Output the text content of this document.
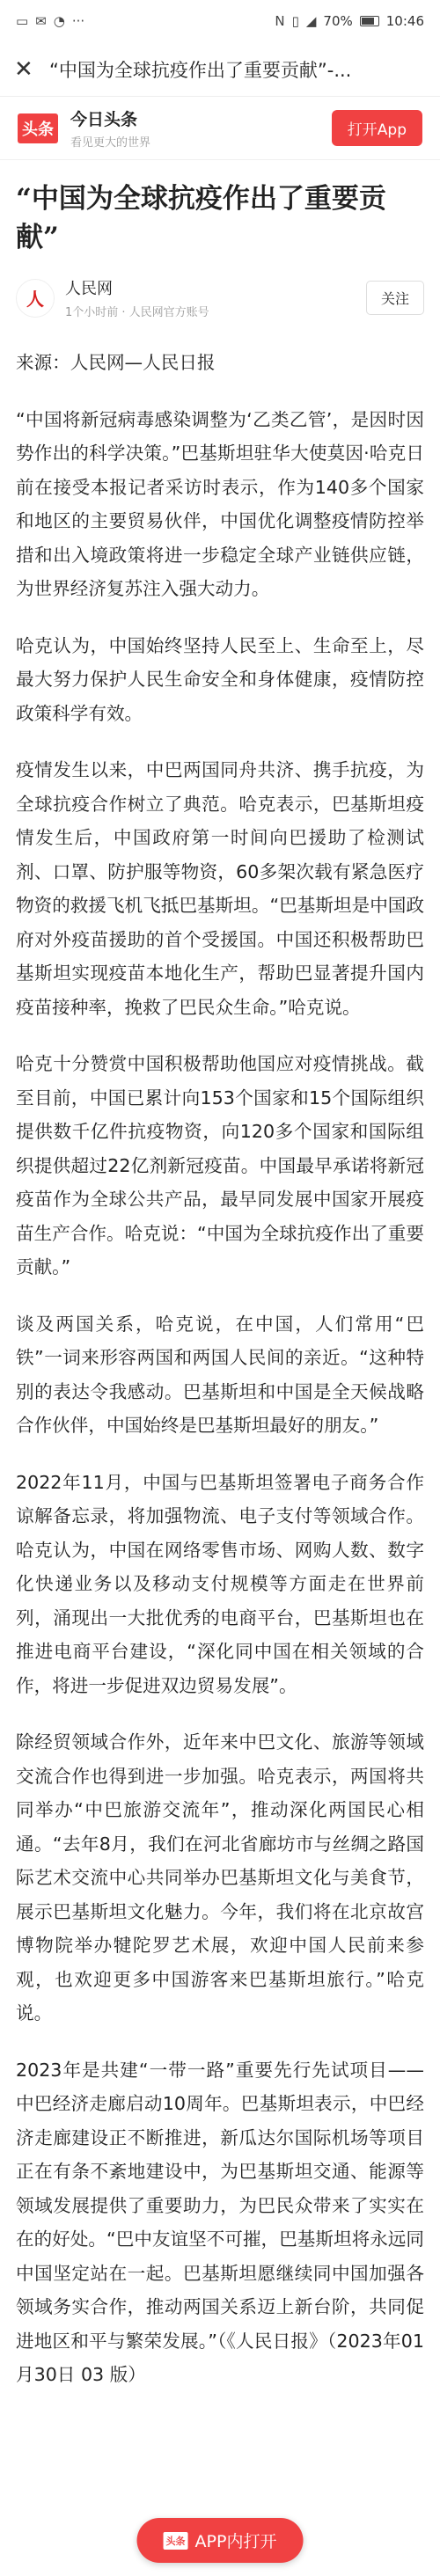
▭ ✉ ◔ ···	N ▯ ◢ 70%	10:46
✕ “中国为全球抗疫作出了重要贡献”-...
头条 今日头条
看见更大的世界
打开App
“中国为全球抗疫作出了重要贡献”
人	人民网
1个小时前 · 人民网官方账号
关注

来源：人民网—人民日报

“中国将新冠病毒感染调整为‘乙类乙管’，是因时因势作出的科学决策。”巴基斯坦驻华大使莫因·哈克日前在接受本报记者采访时表示，作为140多个国家和地区的主要贸易伙伴，中国优化调整疫情防控举措和出入境政策将进一步稳定全球产业链供应链，为世界经济复苏注入强大动力。

哈克认为，中国始终坚持人民至上、生命至上，尽最大努力保护人民生命安全和身体健康，疫情防控政策科学有效。

疫情发生以来，中巴两国同舟共济、携手抗疫，为全球抗疫合作树立了典范。哈克表示，巴基斯坦疫情发生后，中国政府第一时间向巴援助了检测试剂、口罩、防护服等物资，60多架次载有紧急医疗物资的救援飞机飞抵巴基斯坦。“巴基斯坦是中国政府对外疫苗援助的首个受援国。中国还积极帮助巴基斯坦实现疫苗本地化生产，帮助巴显著提升国内疫苗接种率，挽救了巴民众生命。”哈克说。

哈克十分赞赏中国积极帮助他国应对疫情挑战。截至目前，中国已累计向153个国家和15个国际组织提供数千亿件抗疫物资，向120多个国家和国际组织提供超过22亿剂新冠疫苗。中国最早承诺将新冠疫苗作为全球公共产品，最早同发展中国家开展疫苗生产合作。哈克说：“中国为全球抗疫作出了重要贡献。”

谈及两国关系，哈克说，在中国，人们常用“巴铁”一词来形容两国和两国人民间的亲近。“这种特别的表达令我感动。巴基斯坦和中国是全天候战略合作伙伴，中国始终是巴基斯坦最好的朋友。”

2022年11月，中国与巴基斯坦签署电子商务合作谅解备忘录，将加强物流、电子支付等领域合作。哈克认为，中国在网络零售市场、网购人数、数字化快递业务以及移动支付规模等方面走在世界前列，涌现出一大批优秀的电商平台，巴基斯坦也在推进电商平台建设，“深化同中国在相关领域的合作，将进一步促进双边贸易发展”。

除经贸领域合作外，近年来中巴文化、旅游等领域交流合作也得到进一步加强。哈克表示，两国将共同举办“中巴旅游交流年”，推动深化两国民心相通。“去年8月，我们在河北省廊坊市与丝绸之路国际艺术交流中心共同举办巴基斯坦文化与美食节，展示巴基斯坦文化魅力。今年，我们将在北京故宫博物院举办犍陀罗艺术展，欢迎中国人民前来参观，也欢迎更多中国游客来巴基斯坦旅行。”哈克说。

2023年是共建“一带一路”重要先行先试项目——中巴经济走廊启动10周年。巴基斯坦表示，中巴经济走廊建设正不断推进，新瓜达尔国际机场等项目正在有条不紊地建设中，为巴基斯坦交通、能源等领域发展提供了重要助力，为巴民众带来了实实在在的好处。“巴中友谊坚不可摧，巴基斯坦将永远同中国坚定站在一起。巴基斯坦愿继续同中国加强各领域务实合作，推动两国关系迈上新台阶，共同促进地区和平与繁荣发展。”（《人民日报》（2023年01月30日 03 版）

头条 APP内打开
